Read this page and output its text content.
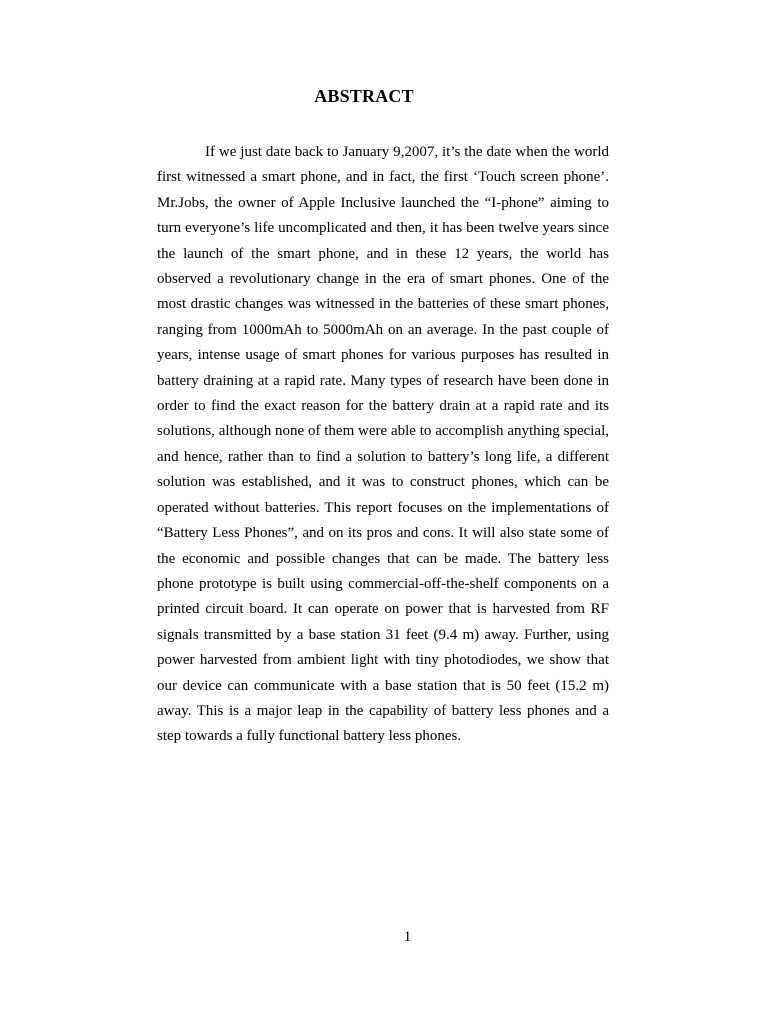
ABSTRACT

If we just date back to January 9,2007, it’s the date when the world first witnessed a smart phone, and in fact, the first ‘Touch screen phone’. Mr.Jobs, the owner of Apple Inclusive launched the “I-phone” aiming to turn everyone’s life uncomplicated and then, it has been twelve years since the launch of the smart phone, and in these 12 years, the world has observed a revolutionary change in the era of smart phones. One of the most drastic changes was witnessed in the batteries of these smart phones, ranging from 1000mAh to 5000mAh on an average. In the past couple of years, intense usage of smart phones for various purposes has resulted in battery draining at a rapid rate. Many types of research have been done in order to find the exact reason for the battery drain at a rapid rate and its solutions, although none of them were able to accomplish anything special, and hence, rather than to find a solution to battery’s long life, a different solution was established, and it was to construct phones, which can be operated without batteries. This report focuses on the implementations of “Battery Less Phones”, and on its pros and cons. It will also state some of the economic and possible changes that can be made. The battery less phone prototype is built using commercial-off-the-shelf components on a printed circuit board. It can operate on power that is harvested from RF signals transmitted by a base station 31 feet (9.4 m) away. Further, using power harvested from ambient light with tiny photodiodes, we show that our device can communicate with a base station that is 50 feet (15.2 m) away. This is a major leap in the capability of battery less phones and a step towards a fully functional battery less phones.

1
